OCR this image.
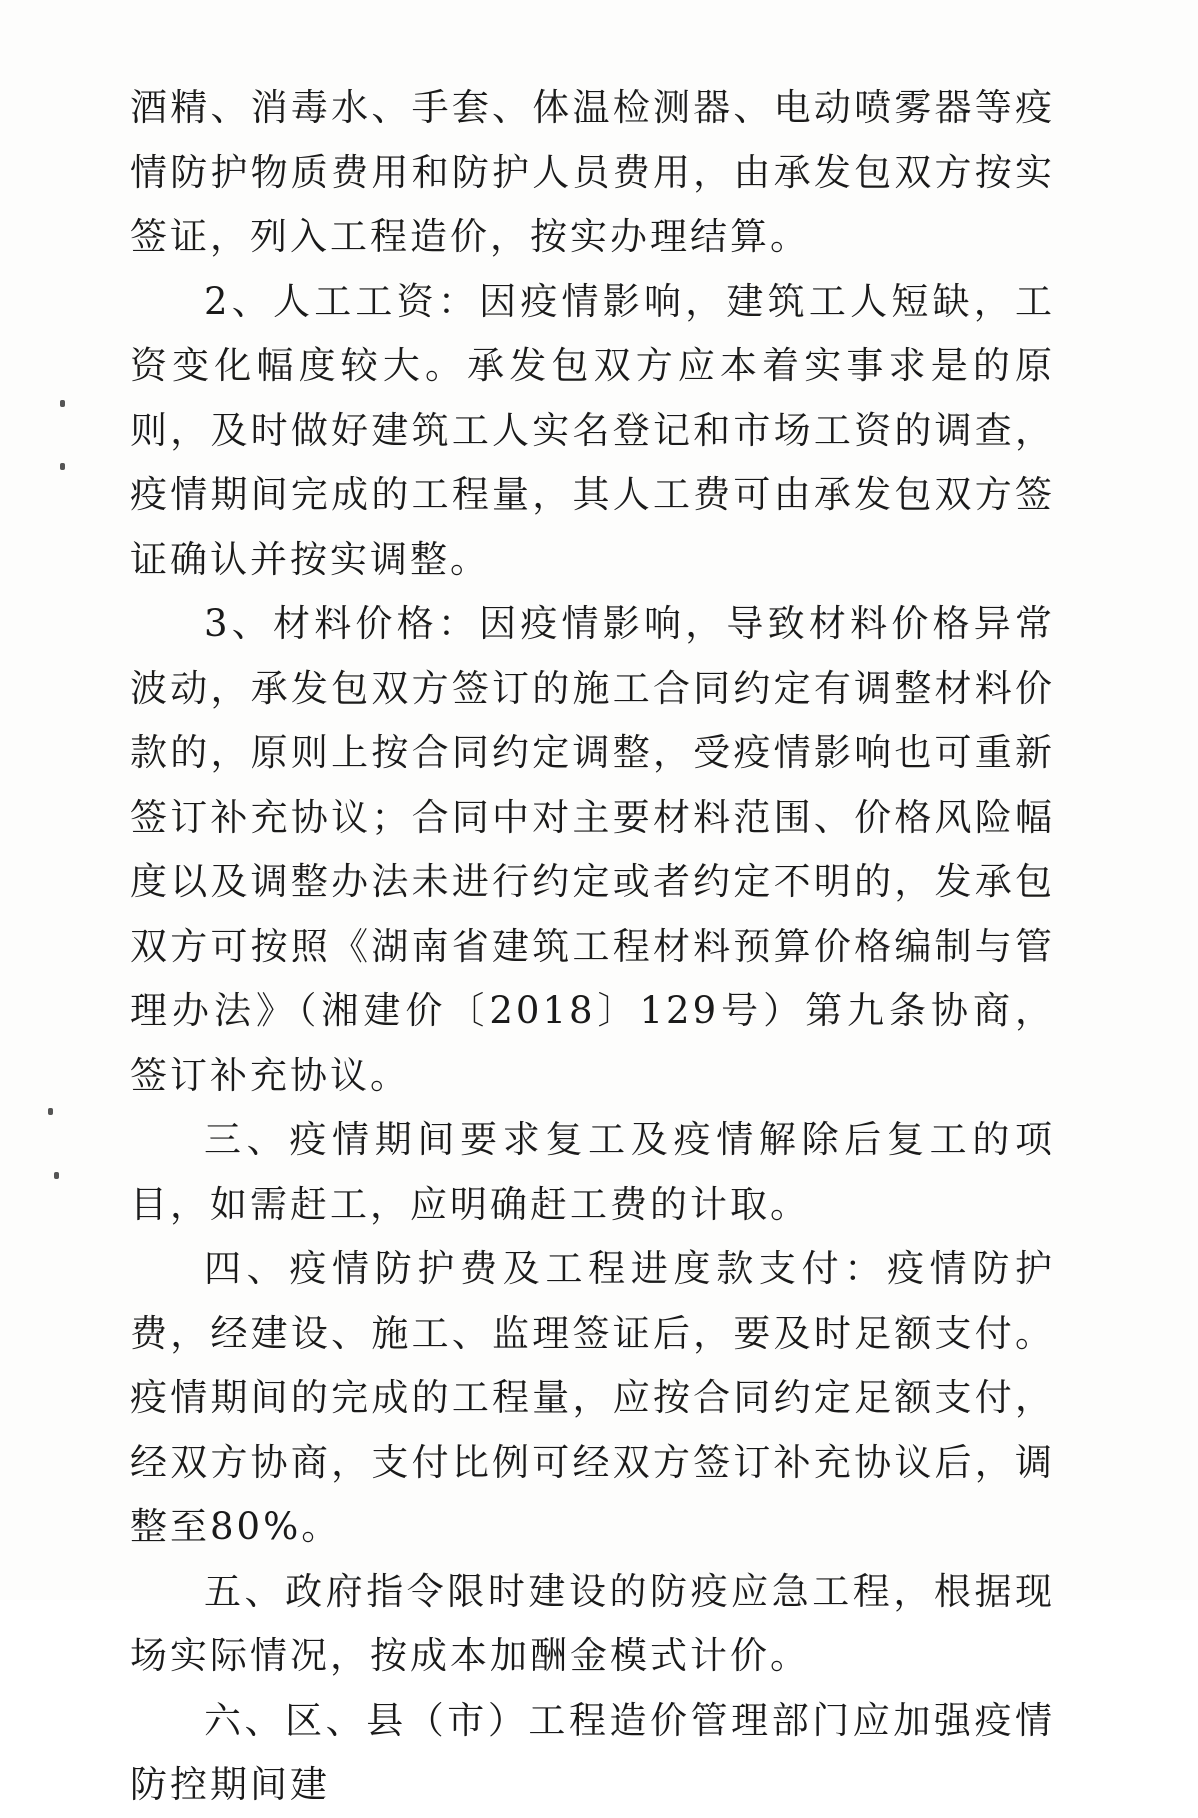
酒精、消毒水、手套、体温检测器、电动喷雾器等疫情防护物质费用和防护人员费用，由承发包双方按实签证，列入工程造价，按实办理结算。

2、人工工资：因疫情影响，建筑工人短缺，工资变化幅度较大。承发包双方应本着实事求是的原则，及时做好建筑工人实名登记和市场工资的调查，疫情期间完成的工程量，其人工费可由承发包双方签证确认并按实调整。

3、材料价格：因疫情影响，导致材料价格异常波动，承发包双方签订的施工合同约定有调整材料价款的，原则上按合同约定调整，受疫情影响也可重新签订补充协议；合同中对主要材料范围、价格风险幅度以及调整办法未进行约定或者约定不明的，发承包双方可按照《湖南省建筑工程材料预算价格编制与管理办法》（湘建价〔2018〕129号）第九条协商，签订补充协议。

三、疫情期间要求复工及疫情解除后复工的项目，如需赶工，应明确赶工费的计取。

四、疫情防护费及工程进度款支付：疫情防护费，经建设、施工、监理签证后，要及时足额支付。疫情期间的完成的工程量，应按合同约定足额支付，经双方协商，支付比例可经双方签订补充协议后，调整至80%。

五、政府指令限时建设的防疫应急工程，根据现场实际情况，按成本加酬金模式计价。

六、区、县（市）工程造价管理部门应加强疫情防控期间建
